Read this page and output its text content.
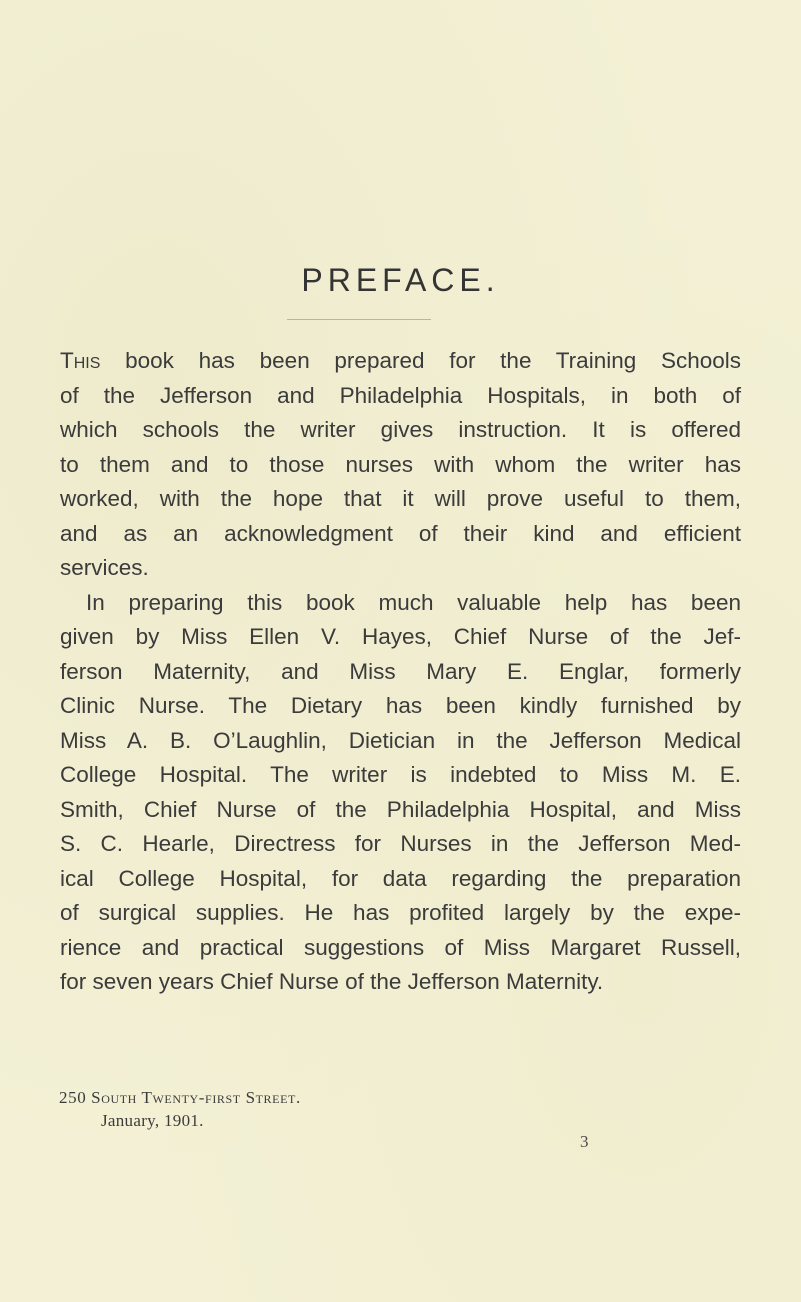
PREFACE.
This book has been prepared for the Training Schools
of the Jefferson and Philadelphia Hospitals, in both of
which schools the writer gives instruction. It is offered
to them and to those nurses with whom the writer has
worked, with the hope that it will prove useful to them,
and as an acknowledgment of their kind and efficient
services.
In preparing this book much valuable help has been
given by Miss Ellen V. Hayes, Chief Nurse of the Jef-
ferson Maternity, and Miss Mary E. Englar, formerly
Clinic Nurse. The Dietary has been kindly furnished by
Miss A. B. O’Laughlin, Dietician in the Jefferson Medical
College Hospital. The writer is indebted to Miss M. E.
Smith, Chief Nurse of the Philadelphia Hospital, and Miss
S. C. Hearle, Directress for Nurses in the Jefferson Med-
ical College Hospital, for data regarding the preparation
of surgical supplies. He has profited largely by the expe-
rience and practical suggestions of Miss Margaret Russell,
for seven years Chief Nurse of the Jefferson Maternity.
250 South Twenty-first Street.
January, 1901.
3
